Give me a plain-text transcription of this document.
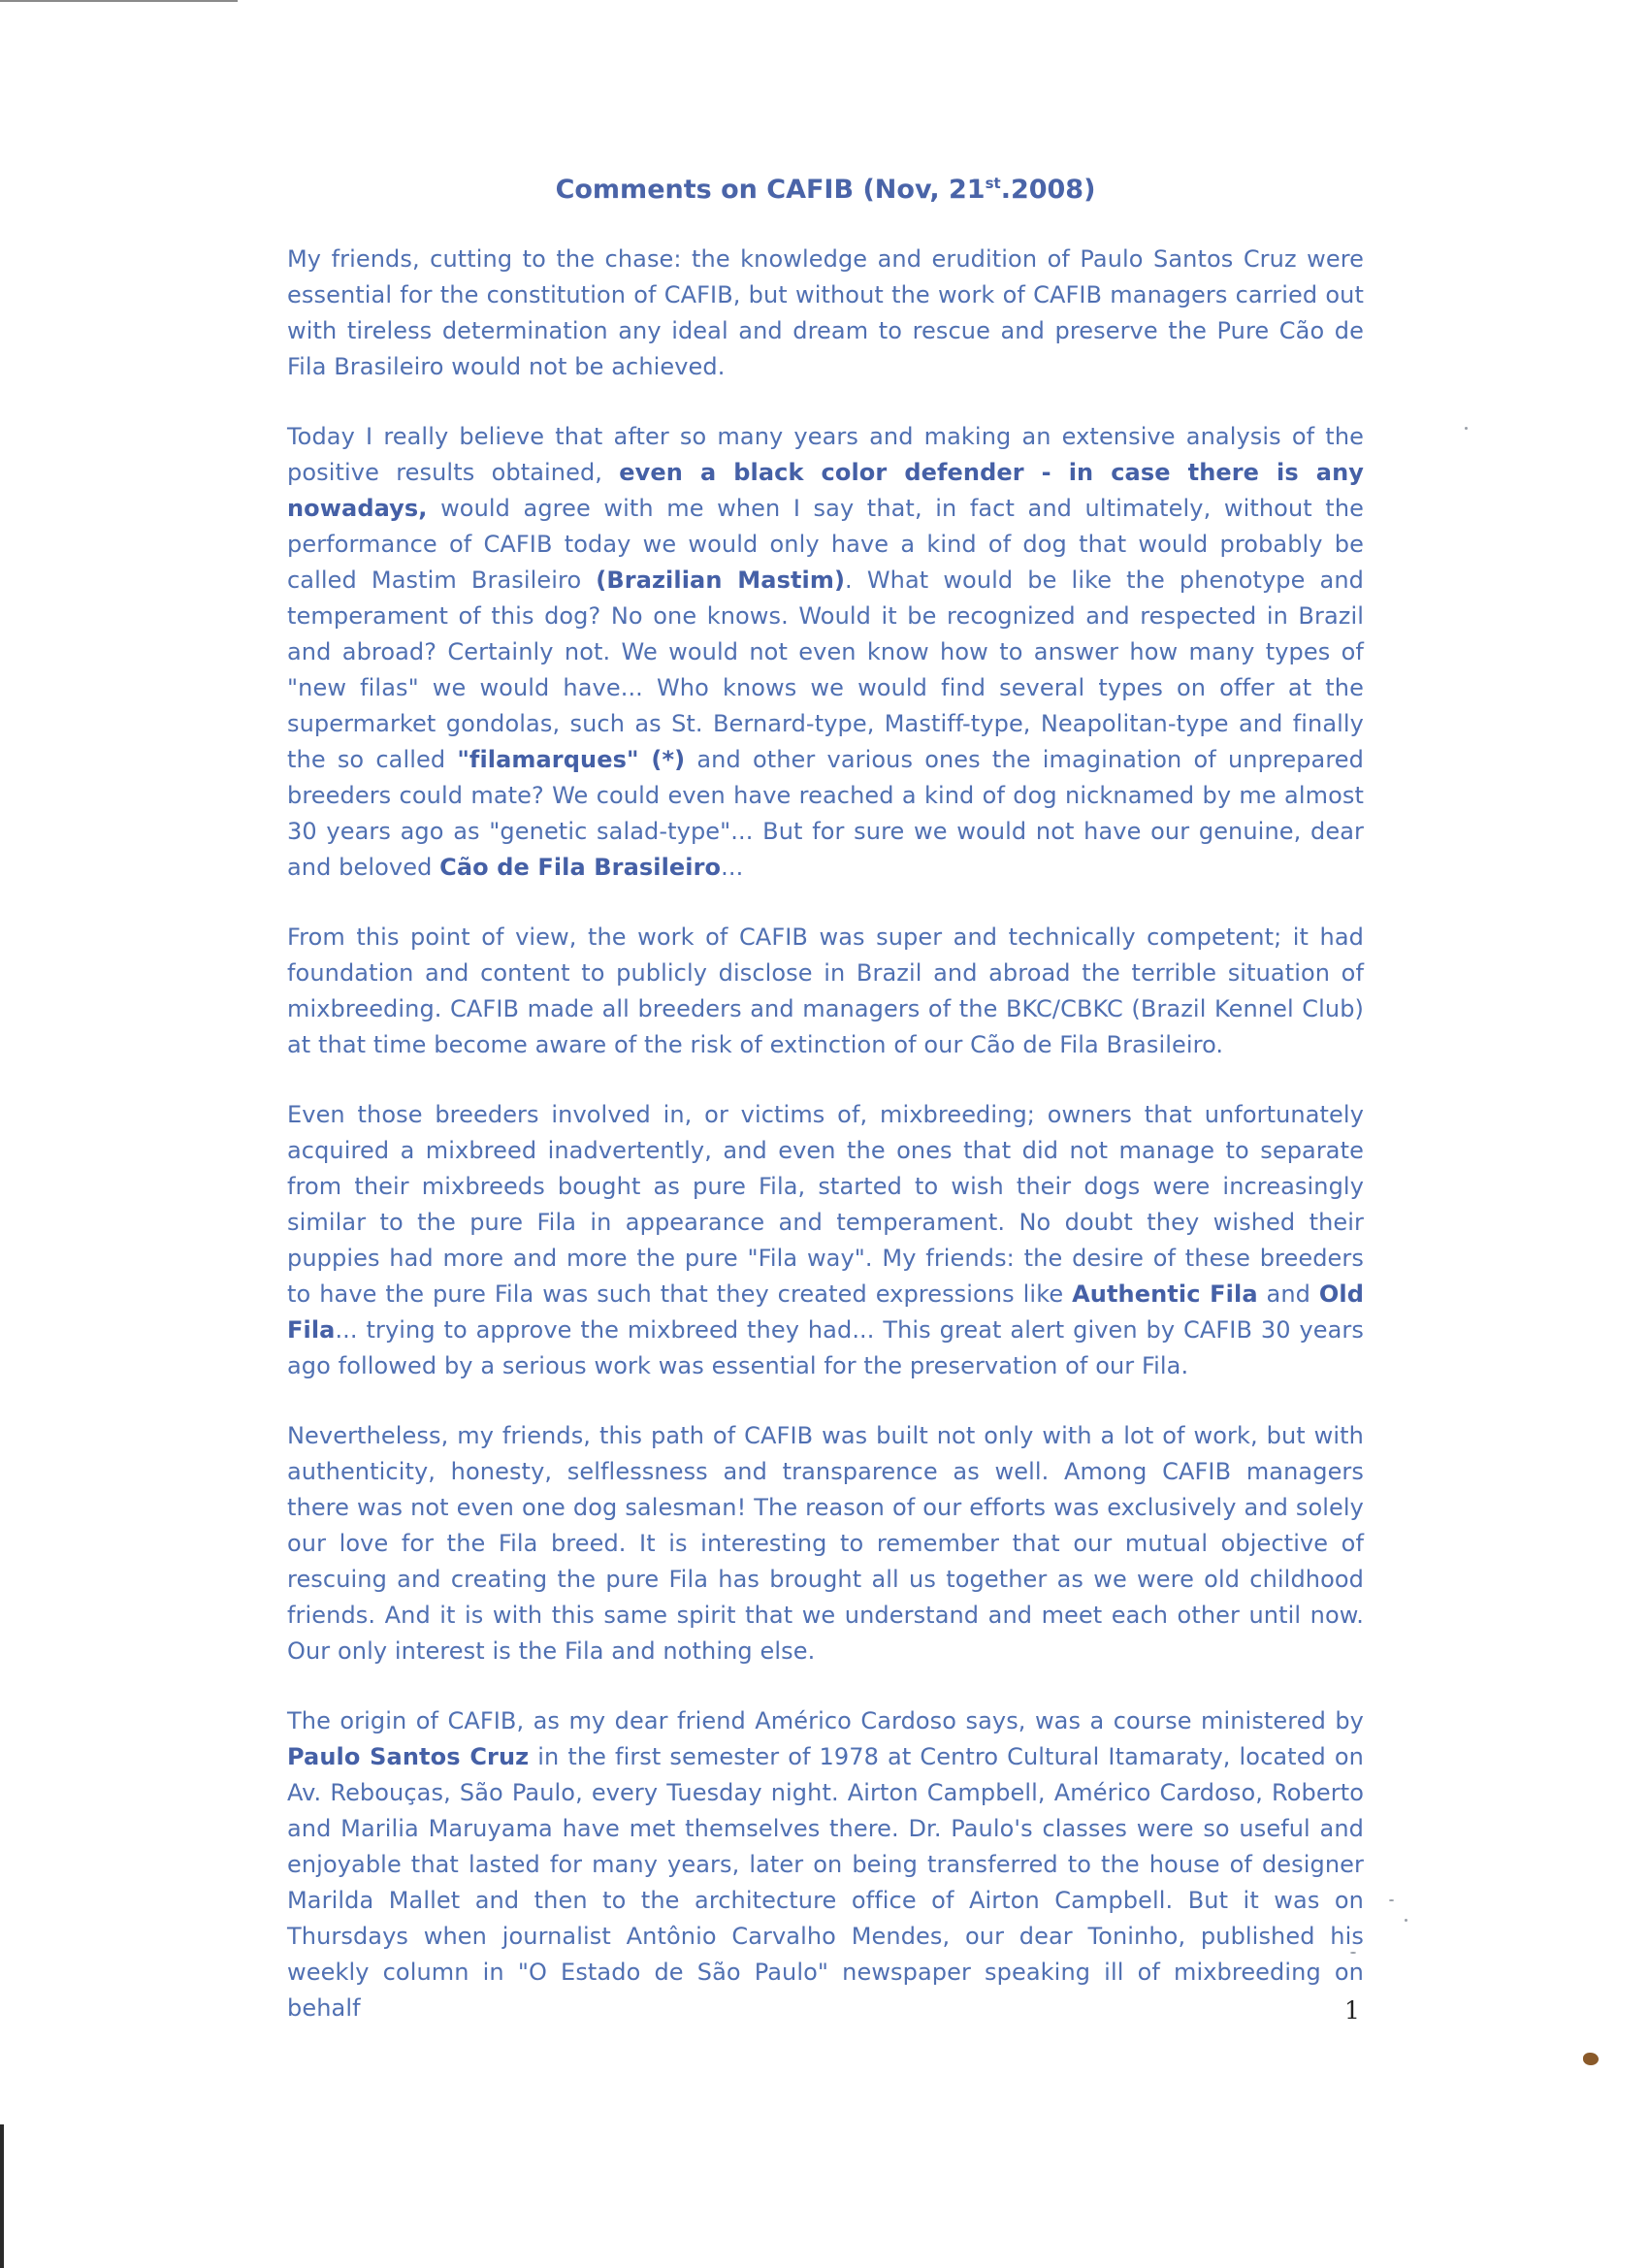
Comments on CAFIB (Nov, 21st.2008)

My friends, cutting to the chase: the knowledge and erudition of Paulo Santos Cruz were essential for the constitution of CAFIB, but without the work of CAFIB managers carried out with tireless determination any ideal and dream to rescue and preserve the Pure Cão de Fila Brasileiro would not be achieved.

Today I really believe that after so many years and making an extensive analysis of the positive results obtained, even a black color defender - in case there is any nowadays, would agree with me when I say that, in fact and ultimately, without the performance of CAFIB today we would only have a kind of dog that would probably be called Mastim Brasileiro (Brazilian Mastim). What would be like the phenotype and temperament of this dog? No one knows. Would it be recognized and respected in Brazil and abroad? Certainly not. We would not even know how to answer how many types of "new filas" we would have... Who knows we would find several types on offer at the supermarket gondolas, such as St. Bernard-type, Mastiff-type, Neapolitan-type and finally the so called "filamarques" (*) and other various ones the imagination of unprepared breeders could mate? We could even have reached a kind of dog nicknamed by me almost 30 years ago as "genetic salad-type"... But for sure we would not have our genuine, dear and beloved Cão de Fila Brasileiro...

From this point of view, the work of CAFIB was super and technically competent; it had foundation and content to publicly disclose in Brazil and abroad the terrible situation of mixbreeding. CAFIB made all breeders and managers of the BKC/CBKC (Brazil Kennel Club) at that time become aware of the risk of extinction of our Cão de Fila Brasileiro.

Even those breeders involved in, or victims of, mixbreeding; owners that unfortunately acquired a mixbreed inadvertently, and even the ones that did not manage to separate from their mixbreeds bought as pure Fila, started to wish their dogs were increasingly similar to the pure Fila in appearance and temperament. No doubt they wished their puppies had more and more the pure "Fila way". My friends: the desire of these breeders to have the pure Fila was such that they created expressions like Authentic Fila and Old Fila... trying to approve the mixbreed they had... This great alert given by CAFIB 30 years ago followed by a serious work was essential for the preservation of our Fila.

Nevertheless, my friends, this path of CAFIB was built not only with a lot of work, but with authenticity, honesty, selflessness and transparence as well. Among CAFIB managers there was not even one dog salesman! The reason of our efforts was exclusively and solely our love for the Fila breed. It is interesting to remember that our mutual objective of rescuing and creating the pure Fila has brought all us together as we were old childhood friends. And it is with this same spirit that we understand and meet each other until now. Our only interest is the Fila and nothing else.

The origin of CAFIB, as my dear friend Américo Cardoso says, was a course ministered by Paulo Santos Cruz in the first semester of 1978 at Centro Cultural Itamaraty, located on Av. Rebouças, São Paulo, every Tuesday night. Airton Campbell, Américo Cardoso, Roberto and Marilia Maruyama have met themselves there. Dr. Paulo's classes were so useful and enjoyable that lasted for many years, later on being transferred to the house of designer Marilda Mallet and then to the architecture office of Airton Campbell. But it was on Thursdays when journalist Antônio Carvalho Mendes, our dear Toninho, published his weekly column in "O Estado de São Paulo" newspaper speaking ill of mixbreeding on behalf	1
